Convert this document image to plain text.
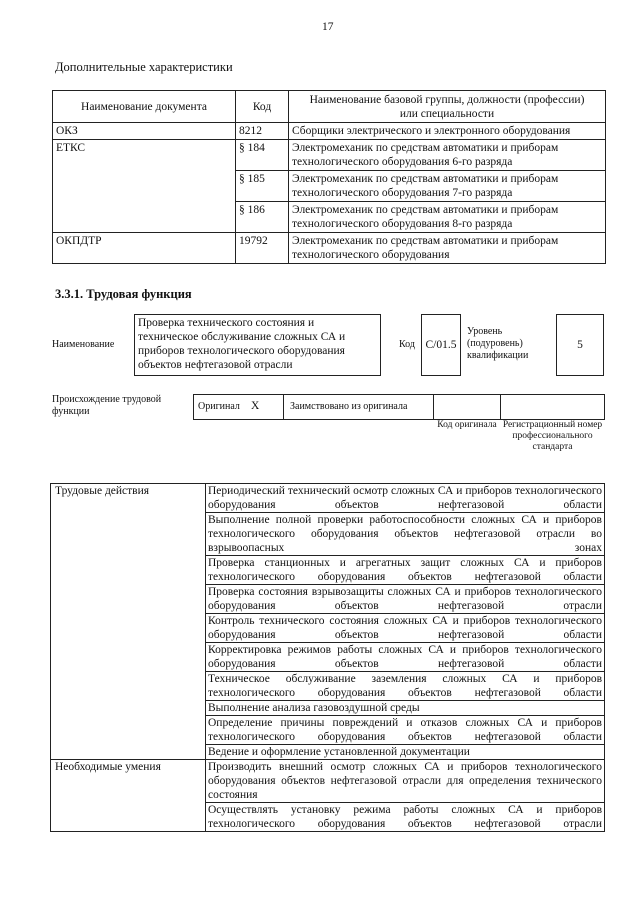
17
Дополнительные характеристики
Наименование документа	Код	Наименование базовой группы, должности (профессии) или специальности
ОКЗ	8212	Сборщики электрического и электронного оборудования
ЕТКС	§ 184	Электромеханик по средствам автоматики и приборам технологического оборудования 6-го разряда
	§ 185	Электромеханик по средствам автоматики и приборам технологического оборудования 7-го разряда
	§ 186	Электромеханик по средствам автоматики и приборам технологического оборудования 8-го разряда
ОКПДТР	19792	Электромеханик по средствам автоматики и приборам технологического оборудования
3.3.1. Трудовая функция
Наименование
Проверка технического состояния и техническое обслуживание сложных СА и приборов технологического оборудования объектов нефтегазовой отрасли
Код С/01.5
Уровень (подуровень) квалификации
5
Происхождение трудовой функции	Оригинал Х	Заимствовано из оригинала
Код оригинала Регистрационный номер профессионального стандарта
Трудовые действия	Периодический технический осмотр сложных СА и приборов технологического оборудования объектов нефтегазовой области
	Выполнение полной проверки работоспособности сложных СА и приборов технологического оборудования объектов нефтегазовой отрасли во взрывоопасных зонах
	Проверка станционных и агрегатных защит сложных СА и приборов технологического оборудования объектов нефтегазовой области
	Проверка состояния взрывозащиты сложных СА и приборов технологического оборудования объектов нефтегазовой отрасли
	Контроль технического состояния сложных СА и приборов технологического оборудования объектов нефтегазовой области
	Корректировка режимов работы сложных СА и приборов технологического оборудования объектов нефтегазовой области
	Техническое обслуживание заземления сложных СА и приборов технологического оборудования объектов нефтегазовой области
	Выполнение анализа газовоздушной среды
	Определение причины повреждений и отказов сложных СА и приборов технологического оборудования объектов нефтегазовой области
	Ведение и оформление установленной документации
Необходимые умения	Производить внешний осмотр сложных СА и приборов технологического оборудования объектов нефтегазовой отрасли для определения технического состояния
	Осуществлять установку режима работы сложных СА и приборов технологического оборудования объектов нефтегазовой отрасли
